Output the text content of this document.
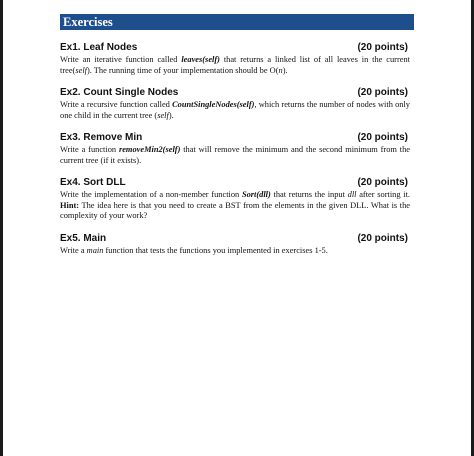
Exercises
Ex1. Leaf Nodes	(20 points)
Write an iterative function called leaves(self) that returns a linked list of all leaves in the current tree(self). The running time of your implementation should be O(n).
Ex2. Count Single Nodes	(20 points)
Write a recursive function called CountSingleNodes(self), which returns the number of nodes with only one child in the current tree (self).
Ex3. Remove Min	(20 points)
Write a function removeMin2(self) that will remove the minimum and the second minimum from the current tree (if it exists).
Ex4. Sort DLL	(20 points)
Write the implementation of a non-member function Sort(dll) that returns the input dll after sorting it. Hint: The idea here is that you need to create a BST from the elements in the given DLL. What is the complexity of your work?
Ex5. Main	(20 points)
Write a main function that tests the functions you implemented in exercises 1-5.
